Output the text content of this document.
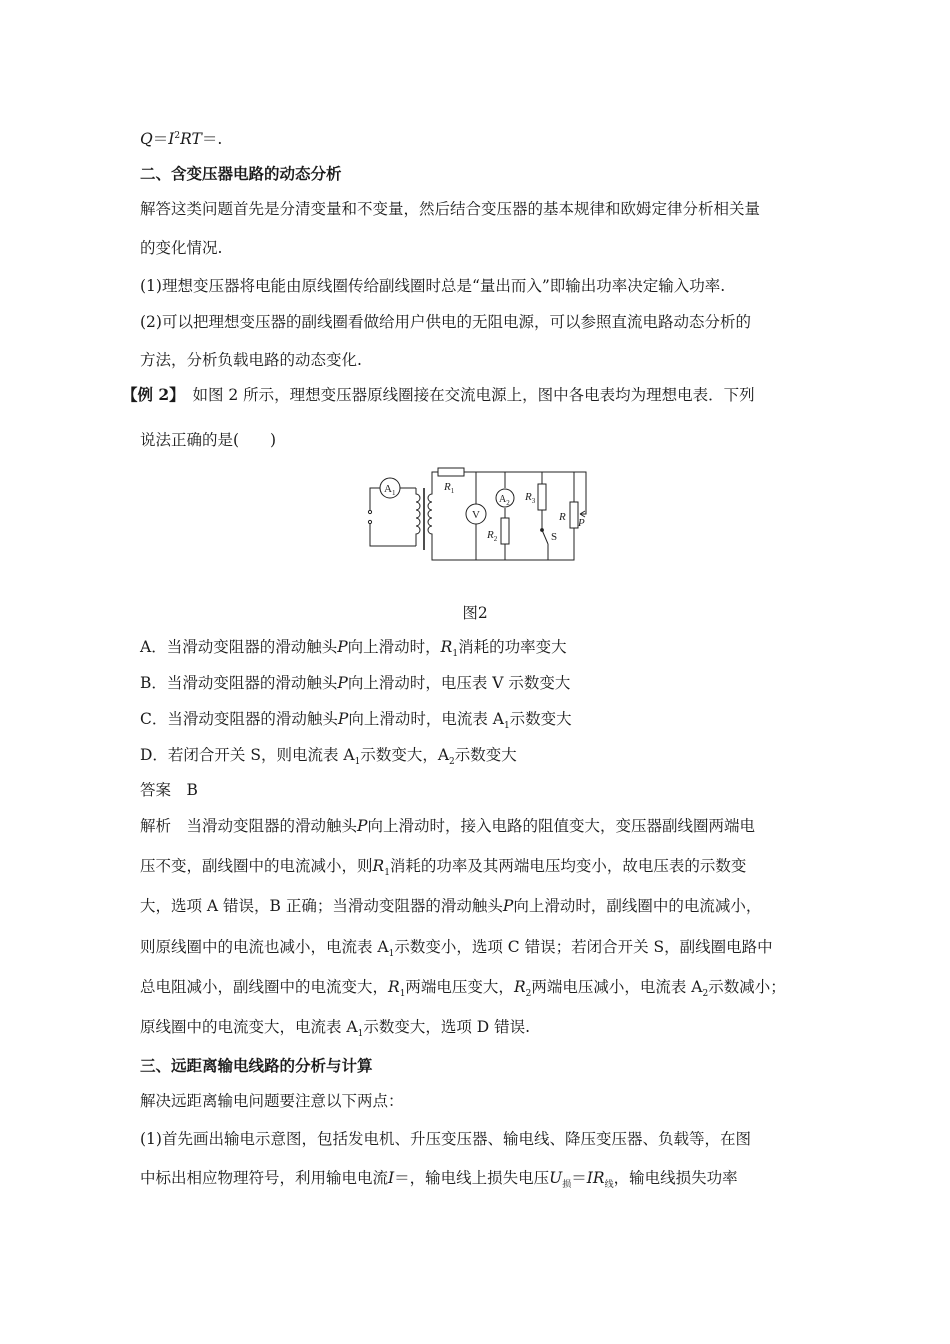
$Q=I^2RT=$.
二、含变压器电路的动态分析
解答这类问题首先是分清变量和不变量，然后结合变压器的基本规律和欧姆定律分析相关量
的变化情况.
(1)理想变压器将电能由原线圈传给副线圈时总是“量出而入”即输出功率决定输入功率.
(2)可以把理想变压器的副线圈看做给用户供电的无阻电源，可以参照直流电路动态分析的
方法，分析负载电路的动态变化.
【例 2】　 如图 2 所示，理想变压器原线圈接在交流电源上，图中各电表均为理想电表．下列
说法正确的是(　　)
$A_1$	$R_1$
V
$A_2$
$R_2$
$R_3$
S
R P
图2
A．当滑动变阻器的滑动触头P向上滑动时，$R_1$消耗的功率变大
B．当滑动变阻器的滑动触头P向上滑动时，电压表 V 示数变大
C．当滑动变阻器的滑动触头P向上滑动时，电流表 $A_1$示数变大
D．若闭合开关 S，则电流表 $A_1$示数变大，$A_2$示数变大
答案　B
解析　当滑动变阻器的滑动触头P向上滑动时，接入电路的阻值变大，变压器副线圈两端电
压不变，副线圈中的电流减小，则$R_1$消耗的功率及其两端电压均变小，故电压表的示数变
大，选项 A 错误，B 正确；当滑动变阻器的滑动触头P向上滑动时，副线圈中的电流减小，
则原线圈中的电流也减小，电流表 $A_1$示数变小，选项 C 错误；若闭合开关 S，副线圈电路中
总电阻减小，副线圈中的电流变大，$R_1$两端电压变大，$R_2$两端电压减小，电流表 $A_2$示数减小；
原线圈中的电流变大，电流表 $A_1$示数变大，选项 D 错误.
三、远距离输电线路的分析与计算
解决远距离输电问题要注意以下两点：
(1)首先画出输电示意图，包括发电机、升压变压器、输电线、降压变压器、负载等，在图
中标出相应物理符号，利用输电电流I＝，输电线上损失电压$U_损=IR_线$，输电线损失功率
